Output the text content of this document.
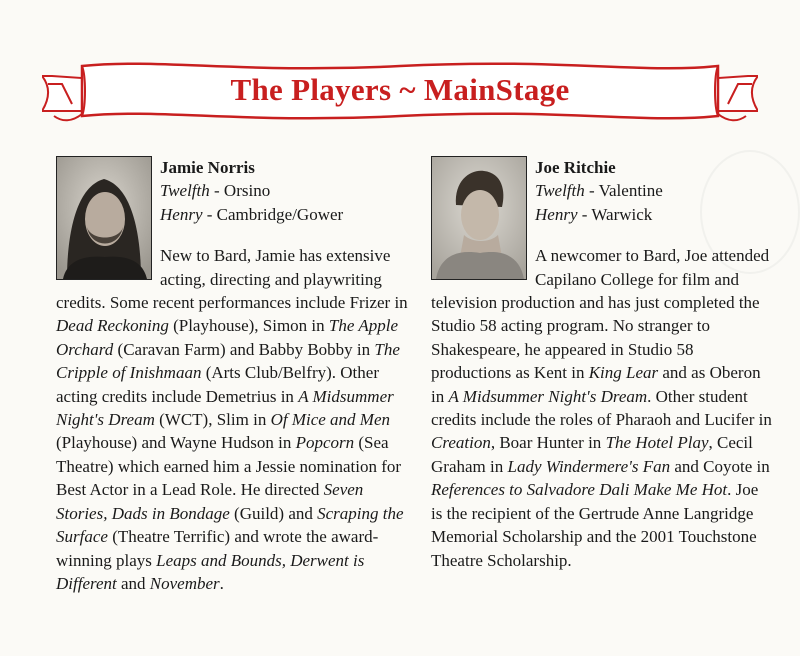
The Players ~ MainStage
Jamie Norris
Twelfth - Orsino
Henry - Cambridge/Gower
New to Bard, Jamie has extensive acting, directing and playwriting credits. Some recent performances include Frizer in Dead Reckoning (Playhouse), Simon in The Apple Orchard (Caravan Farm) and Babby Bobby in The Cripple of Inishmaan (Arts Club/Belfry). Other acting credits include Demetrius in A Midsummer Night's Dream (WCT), Slim in Of Mice and Men (Playhouse) and Wayne Hudson in Popcorn (Sea Theatre) which earned him a Jessie nomination for Best Actor in a Lead Role. He directed Seven Stories, Dads in Bondage (Guild) and Scraping the Surface (Theatre Terrific) and wrote the award-winning plays Leaps and Bounds, Derwent is Different and November.
Joe Ritchie
Twelfth - Valentine
Henry - Warwick
A newcomer to Bard, Joe attended Capilano College for film and television production and has just completed the Studio 58 acting program. No stranger to Shakespeare, he appeared in Studio 58 productions as Kent in King Lear and as Oberon in A Midsummer Night's Dream. Other student credits include the roles of Pharaoh and Lucifer in Creation, Boar Hunter in The Hotel Play, Cecil Graham in Lady Windermere's Fan and Coyote in References to Salvadore Dali Make Me Hot. Joe is the recipient of the Gertrude Anne Langridge Memorial Scholarship and the 2001 Touchstone Theatre Scholarship.
